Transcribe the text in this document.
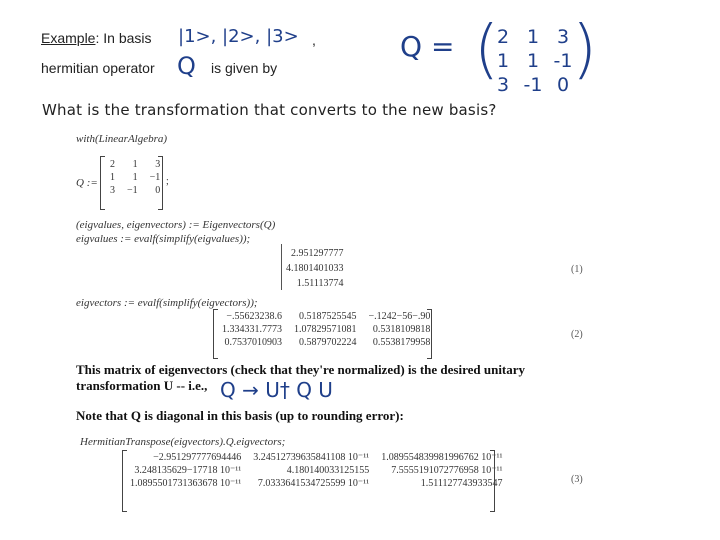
Example: In basis |1>, |2>, |3> ,
hermitian operator Q is given by
Q = (
2 1 3
1 1 -1
3 -1 0 )
What is the transformation that converts to the new basis?
with(LinearAlgebra)
Q :=
2	1	3
1	1	−1
3	−1	0
;
(eigvalues, eigenvectors) := Eigenvectors(Q)
eigvalues := evalf(simplify(eigvalues));
2.951297777
4.1801401033
1.51113774
(1)
eigvectors := evalf(simplify(eigvectors));
−.55623238.6	0.5187525545	−.1242−56−.90
1.334331.7773	1.07829571081	0.5318109818
0.7537010903	0.5879702224	0.5538179958
(2)
This matrix of eigenvectors (check that they're normalized) is the desired unitary
transformation U -- i.e., Q → U† Q U
Note that Q is diagonal in this basis (up to rounding error):
HermitianTranspose(eigvectors).Q.eigvectors;
−2.951297777694446	3.24512739635841108 10⁻¹¹	1.089554839981996762 10⁻¹¹
3.248135629−17718 10⁻¹¹	4.180140033125155	7.5555191072776958 10⁻¹¹
1.0895501731363678 10⁻¹¹	7.0333641534725599 10⁻¹¹	1.511127743933547	(3)
